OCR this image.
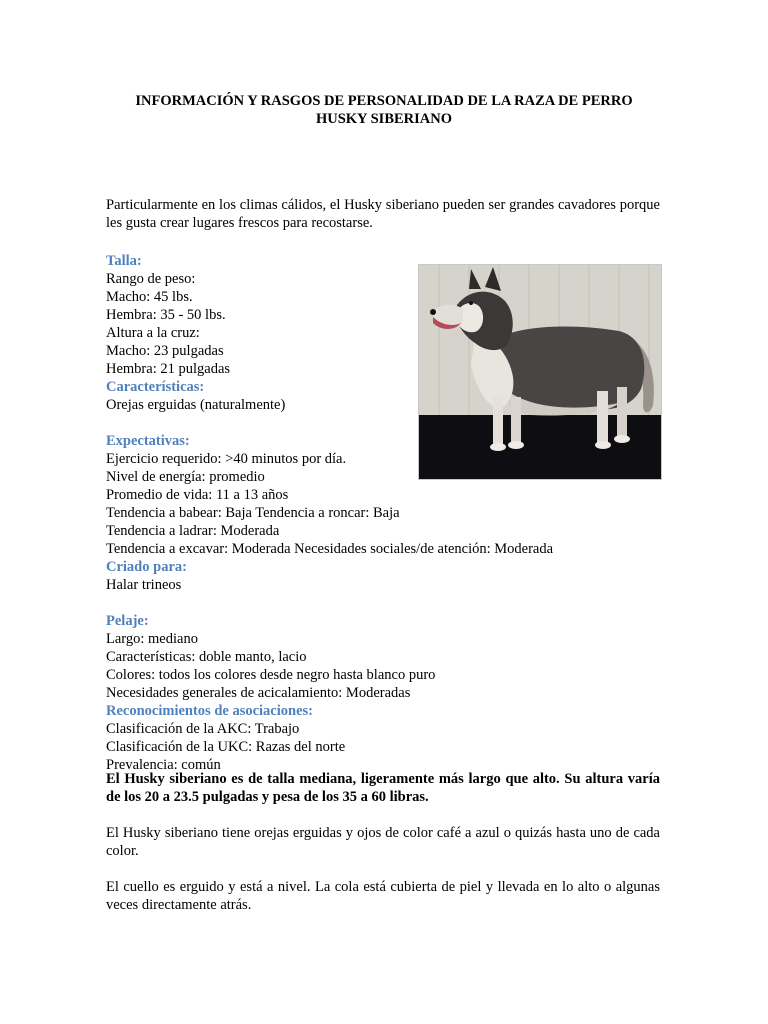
INFORMACIÓN Y RASGOS DE PERSONALIDAD DE LA RAZA DE PERRO
HUSKY SIBERIANO
Particularmente en los climas cálidos, el Husky siberiano pueden ser grandes cavadores porque les gusta crear lugares frescos para recostarse.
Talla:
Rango de peso:
Macho: 45 lbs.
Hembra: 35 - 50 lbs.
Altura a la cruz:
Macho: 23 pulgadas
Hembra: 21 pulgadas
Características:
Orejas erguidas (naturalmente)
Expectativas:
Ejercicio requerido: >40 minutos por día.
Nivel de energía: promedio
Promedio de vida: 11 a 13 años
Tendencia a babear: Baja Tendencia a roncar: Baja
Tendencia a ladrar: Moderada
Tendencia a excavar: Moderada Necesidades sociales/de atención: Moderada
Criado para:
Halar trineos
Pelaje:
Largo: mediano
Características: doble manto, lacio
Colores: todos los colores desde negro hasta blanco puro
Necesidades generales de acicalamiento: Moderadas
Reconocimientos de asociaciones:
Clasificación de la AKC: Trabajo
Clasificación de la UKC: Razas del norte
Prevalencia: común
El Husky siberiano es de talla mediana, ligeramente más largo que alto. Su altura varía de los 20 a 23.5 pulgadas y pesa de los 35 a 60 libras.
El Husky siberiano tiene orejas erguidas y ojos de color café a azul o quizás hasta uno de cada color.
El cuello es erguido y está a nivel. La cola está cubierta de piel y llevada en lo alto o algunas veces directamente atrás.
